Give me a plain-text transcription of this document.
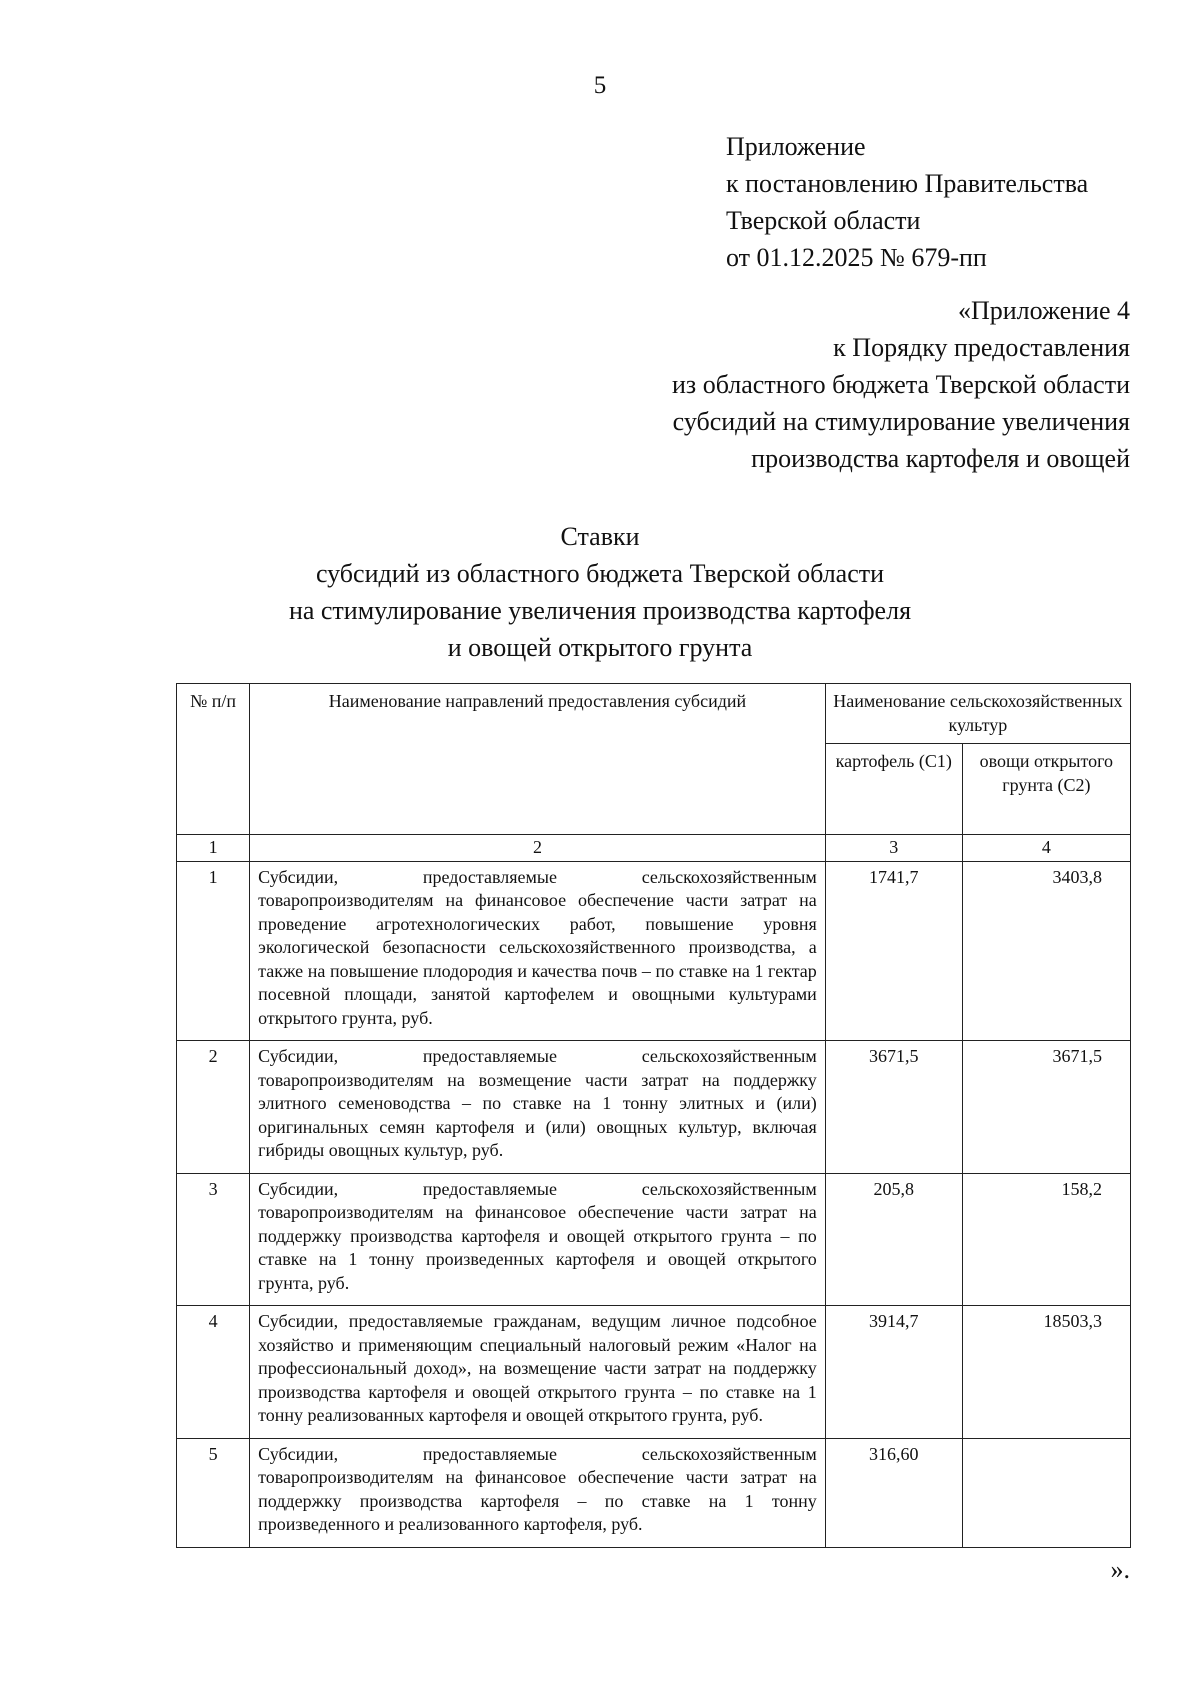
5
Приложение
к постановлению Правительства
Тверской области
от 01.12.2025 № 679-пп
«Приложение 4
к Порядку предоставления
из областного бюджета Тверской области
субсидий на стимулирование увеличения
производства картофеля и овощей
Ставки
субсидий из областного бюджета Тверской области
на стимулирование увеличения производства картофеля
и овощей открытого грунта
№ п/п	Наименование направлений предоставления субсидий	Наименование сельскохозяйственных культур	
		картофель (С1)	овощи открытого грунта (С2)
1	2	3	4
1	Субсидии, предоставляемые сельскохозяйственным товаропроизводителям на финансовое обеспечение части затрат на проведение агротехнологических работ, повышение уровня экологической безопасности сельскохозяйственного производства, а также на повышение плодородия и качества почв – по ставке на 1 гектар посевной площади, занятой картофелем и овощными культурами открытого грунта, руб.	1741,7	3403,8
2	Субсидии, предоставляемые сельскохозяйственным товаропроизводителям на возмещение части затрат на поддержку элитного семеноводства – по ставке на 1 тонну элитных и (или) оригинальных семян картофеля и (или) овощных культур, включая гибриды овощных культур, руб.	3671,5	3671,5
3	Субсидии, предоставляемые сельскохозяйственным товаропроизводителям на финансовое обеспечение части затрат на поддержку производства картофеля и овощей открытого грунта – по ставке на 1 тонну произведенных картофеля и овощей открытого грунта, руб.	205,8	158,2
4	Субсидии, предоставляемые гражданам, ведущим личное подсобное хозяйство и применяющим специальный налоговый режим «Налог на профессиональный доход», на возмещение части затрат на поддержку производства картофеля и овощей открытого грунта – по ставке на 1 тонну реализованных картофеля и овощей открытого грунта, руб.	3914,7	18503,3
5	Субсидии, предоставляемые сельскохозяйственным товаропроизводителям на финансовое обеспечение части затрат на поддержку производства картофеля – по ставке на 1 тонну произведенного и реализованного картофеля, руб.	316,60	
».
